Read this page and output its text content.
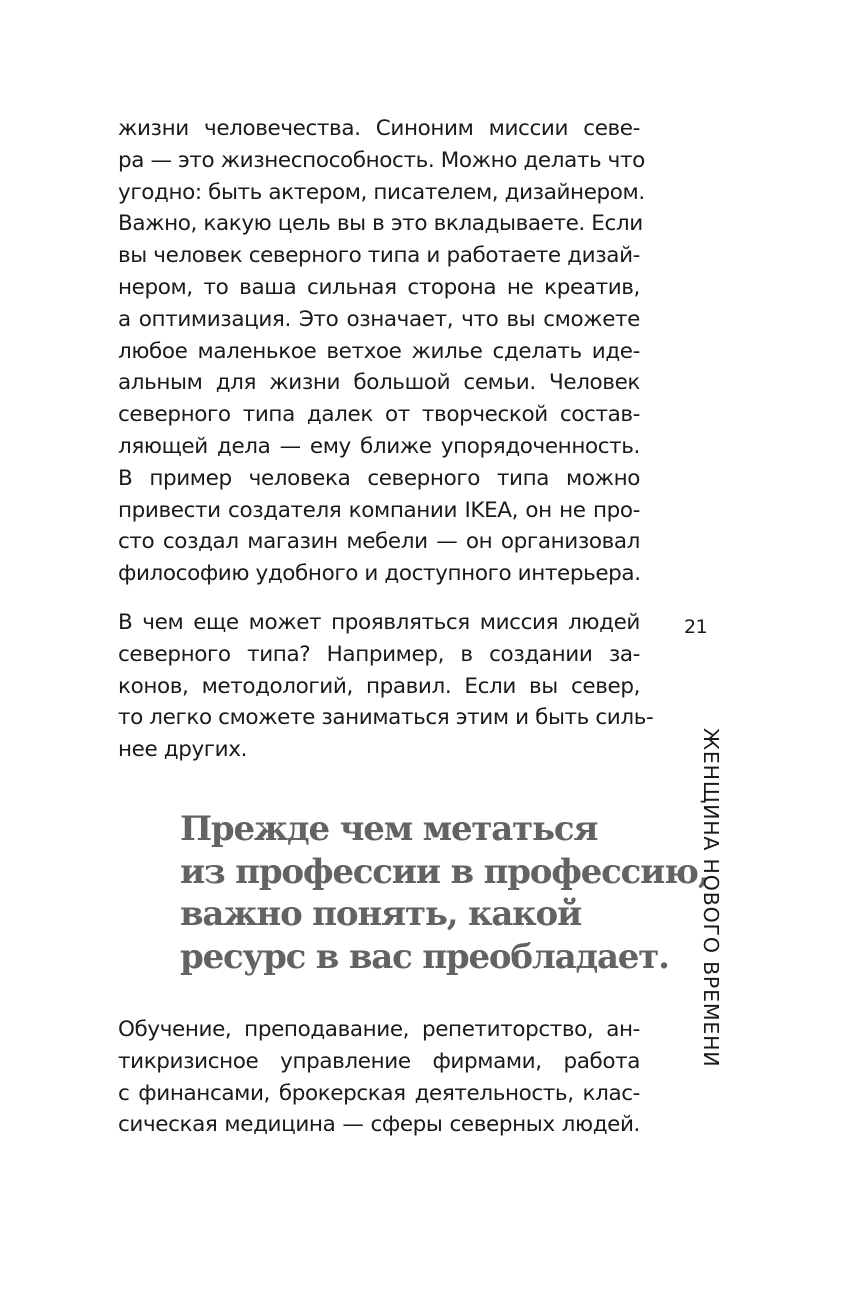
жизни человечества. Синоним миссии севе-
ра — это жизнеспособность. Можно делать что
угодно: быть актером, писателем, дизайнером.
Важно, какую цель вы в это вкладываете. Если
вы человек северного типа и работаете дизай-
нером, то ваша сильная сторона не креатив,
а оптимизация. Это означает, что вы сможете
любое маленькое ветхое жилье сделать иде-
альным для жизни большой семьи. Человек
северного типа далек от творческой состав-
ляющей дела — ему ближе упорядоченность.
В пример человека северного типа можно
привести создателя компании IKEA, он не про-
сто создал магазин мебели — он организовал
философию удобного и доступного интерьера.

В чем еще может проявляться миссия людей
северного типа? Например, в создании за-
конов, методологий, правил. Если вы север,
то легко сможете заниматься этим и быть силь-
нее других.

Прежде чем метаться
из профессии в профессию,
важно понять, какой
ресурс в вас преобладает.

Обучение, преподавание, репетиторство, ан-
тикризисное управление фирмами, работа
с финансами, брокерская деятельность, клас-
сическая медицина — сферы северных людей.

21
ЖЕНЩИНА НОВОГО ВРЕМЕНИ
